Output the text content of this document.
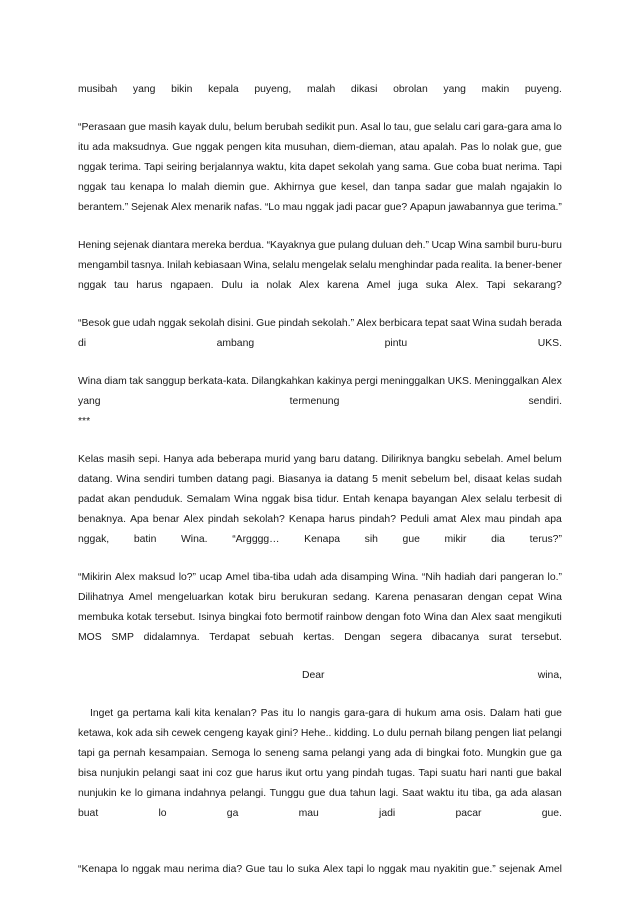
musibah yang bikin kepala puyeng, malah dikasi obrolan yang makin puyeng.
“Perasaan gue masih kayak dulu, belum berubah sedikit pun. Asal lo tau, gue selalu cari gara-gara ama lo
itu ada maksudnya. Gue nggak pengen kita musuhan, diem-dieman, atau apalah. Pas lo nolak gue, gue
nggak terima. Tapi seiring berjalannya waktu, kita dapet sekolah yang sama. Gue coba buat nerima. Tapi
nggak tau kenapa lo malah diemin gue. Akhirnya gue kesel, dan tanpa sadar gue malah ngajakin lo
berantem.” Sejenak Alex menarik nafas. “Lo mau nggak jadi pacar gue? Apapun jawabannya gue terima.”
Hening sejenak diantara mereka berdua. “Kayaknya gue pulang duluan deh.” Ucap Wina sambil buru-buru
mengambil tasnya. Inilah kebiasaan Wina, selalu mengelak selalu menghindar pada realita. Ia bener-bener
nggak tau harus ngapaen. Dulu ia nolak Alex karena Amel juga suka Alex. Tapi sekarang?
“Besok gue udah nggak sekolah disini. Gue pindah sekolah.” Alex berbicara tepat saat Wina sudah berada
di	ambang	pintu	UKS.
Wina diam tak sanggup berkata-kata. Dilangkahkan kakinya pergi meninggalkan UKS. Meninggalkan Alex
yang	termenung	sendiri.
***
Kelas masih sepi. Hanya ada beberapa murid yang baru datang. Diliriknya bangku sebelah. Amel belum
datang. Wina sendiri tumben datang pagi. Biasanya ia datang 5 menit sebelum bel, disaat kelas sudah
padat akan penduduk. Semalam Wina nggak bisa tidur. Entah kenapa bayangan Alex selalu terbesit di
benaknya. Apa benar Alex pindah sekolah? Kenapa harus pindah? Peduli amat Alex mau pindah apa
nggak, batin Wina. “Argggg… Kenapa sih gue mikir dia terus?”
“Mikirin Alex maksud lo?” ucap Amel tiba-tiba udah ada disamping Wina. “Nih hadiah dari pangeran lo.”
Dilihatnya Amel mengeluarkan kotak biru berukuran sedang. Karena penasaran dengan cepat Wina
membuka kotak tersebut. Isinya bingkai foto bermotif rainbow dengan foto Wina dan Alex saat mengikuti
MOS SMP didalamnya. Terdapat sebuah kertas. Dengan segera dibacanya surat tersebut.
Dear	wina,
Inget ga pertama kali kita kenalan? Pas itu lo nangis gara-gara di hukum ama osis. Dalam hati gue
ketawa, kok ada sih cewek cengeng kayak gini? Hehe.. kidding. Lo dulu pernah bilang pengen liat pelangi
tapi ga pernah kesampaian. Semoga lo seneng sama pelangi yang ada di bingkai foto. Mungkin gue ga
bisa nunjukin pelangi saat ini coz gue harus ikut ortu yang pindah tugas. Tapi suatu hari nanti gue bakal
nunjukin ke lo gimana indahnya pelangi. Tunggu gue dua tahun lagi. Saat waktu itu tiba, ga ada alasan
buat	lo	ga	mau	jadi	pacar	gue.
“Kenapa lo nggak mau nerima dia? Gue tau lo suka Alex tapi lo nggak mau nyakitin gue.” sejenak Amel
